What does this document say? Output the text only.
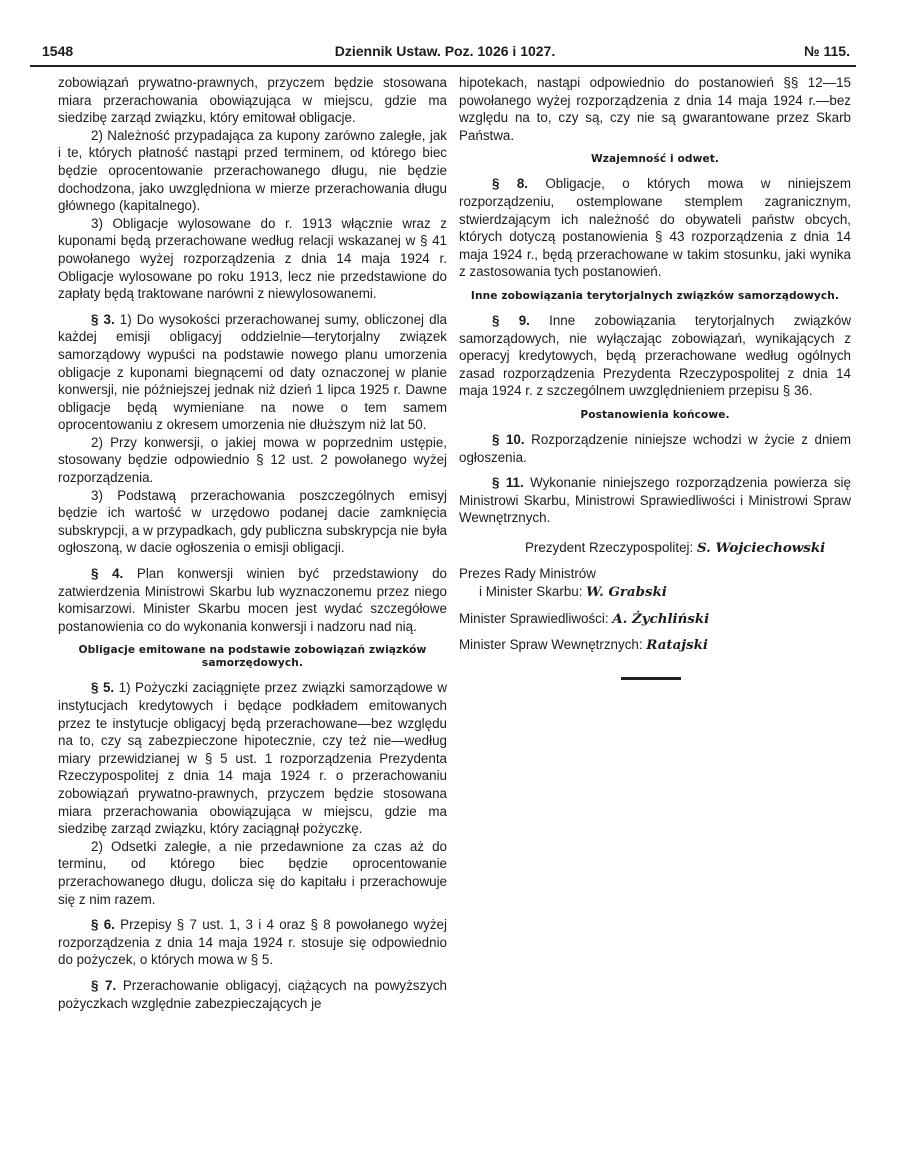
1548	Dziennik Ustaw. Poz. 1026 i 1027.	№ 115.

zobowiązań prywatno-prawnych, przyczem będzie stosowana miara przerachowania obowiązująca w miejscu, gdzie ma siedzibę zarząd związku, który emitował obligacje.

2) Należność przypadająca za kupony zarówno zaległe, jak i te, których płatność nastąpi przed terminem, od którego biec będzie oprocentowanie przerachowanego długu, nie będzie dochodzona, jako uwzględniona w mierze przerachowania długu głównego (kapitalnego).

3) Obligacje wylosowane do r. 1913 włącznie wraz z kuponami będą przerachowane według relacji wskazanej w § 41 powołanego wyżej rozporządzenia z dnia 14 maja 1924 r. Obligacje wylosowane po roku 1913, lecz nie przedstawione do zapłaty będą traktowane narówni z niewylosowanemi.

§ 3. 1) Do wysokości przerachowanej sumy, obliczonej dla każdej emisji obligacyj oddzielnie—terytorjalny związek samorządowy wypuści na podstawie nowego planu umorzenia obligacje z kuponami biegnącemi od daty oznaczonej w planie konwersji, nie późniejszej jednak niż dzień 1 lipca 1925 r. Dawne obligacje będą wymieniane na nowe o tem samem oprocentowaniu z okresem umorzenia nie dłuższym niż lat 50.

2) Przy konwersji, o jakiej mowa w poprzednim ustępie, stosowany będzie odpowiednio § 12 ust. 2 powołanego wyżej rozporządzenia.

3) Podstawą przerachowania poszczególnych emisyj będzie ich wartość w urzędowo podanej dacie zamknięcia subskrypcji, a w przypadkach, gdy publiczna subskrypcja nie była ogłoszoną, w dacie ogłoszenia o emisji obligacji.

§ 4. Plan konwersji winien być przedstawiony do zatwierdzenia Ministrowi Skarbu lub wyznaczonemu przez niego komisarzowi. Minister Skarbu mocen jest wydać szczegółowe postanowienia co do wykonania konwersji i nadzoru nad nią.

Obligacje emitowane na podstawie zobowiązań związków samorzędowych.

§ 5. 1) Pożyczki zaciągnięte przez związki samorządowe w instytucjach kredytowych i będące podkładem emitowanych przez te instytucje obligacyj będą przerachowane—bez względu na to, czy są zabezpieczone hipotecznie, czy też nie—według miary przewidzianej w § 5 ust. 1 rozporządzenia Prezydenta Rzeczypospolitej z dnia 14 maja 1924 r. o przerachowaniu zobowiązań prywatno-prawnych, przyczem będzie stosowana miara przerachowania obowiązująca w miejscu, gdzie ma siedzibę zarząd związku, który zaciągnął pożyczkę.

2) Odsetki zaległe, a nie przedawnione za czas aż do terminu, od którego biec będzie oprocentowanie przerachowanego długu, dolicza się do kapitału i przerachowuje się z nim razem.

§ 6. Przepisy § 7 ust. 1, 3 i 4 oraz § 8 powołanego wyżej rozporządzenia z dnia 14 maja 1924 r. stosuje się odpowiednio do pożyczek, o których mowa w § 5.

§ 7. Przerachowanie obligacyj, ciążących na powyższych pożyczkach względnie zabezpieczających je

hipotekach, nastąpi odpowiednio do postanowień §§ 12—15 powołanego wyżej rozporządzenia z dnia 14 maja 1924 r.—bez względu na to, czy są, czy nie są gwarantowane przez Skarb Państwa.

Wzajemność i odwet.

§ 8. Obligacje, o których mowa w niniejszem rozporządzeniu, ostemplowane stemplem zagranicznym, stwierdzającym ich należność do obywateli państw obcych, których dotyczą postanowienia § 43 rozporządzenia z dnia 14 maja 1924 r., będą przerachowane w takim stosunku, jaki wynika z zastosowania tych postanowień.

Inne zobowiązania terytorjalnych związków samorządowych.

§ 9. Inne zobowiązania terytorjalnych związków samorządowych, nie wyłączając zobowiązań, wynikających z operacyj kredytowych, będą przerachowane według ogólnych zasad rozporządzenia Prezydenta Rzeczypospolitej z dnia 14 maja 1924 r. z szczególnem uwzględnieniem przepisu § 36.

Postanowienia końcowe.

§ 10. Rozporządzenie niniejsze wchodzi w życie z dniem ogłoszenia.

§ 11. Wykonanie niniejszego rozporządzenia powierza się Ministrowi Skarbu, Ministrowi Sprawiedliwości i Ministrowi Spraw Wewnętrznych.

Prezydent Rzeczypospolitej: S. Wojciechowski

Prezes Rady Ministrów
i Minister Skarbu: W. Grabski

Minister Sprawiedliwości: A. Żychliński

Minister Spraw Wewnętrznych: Ratajski
